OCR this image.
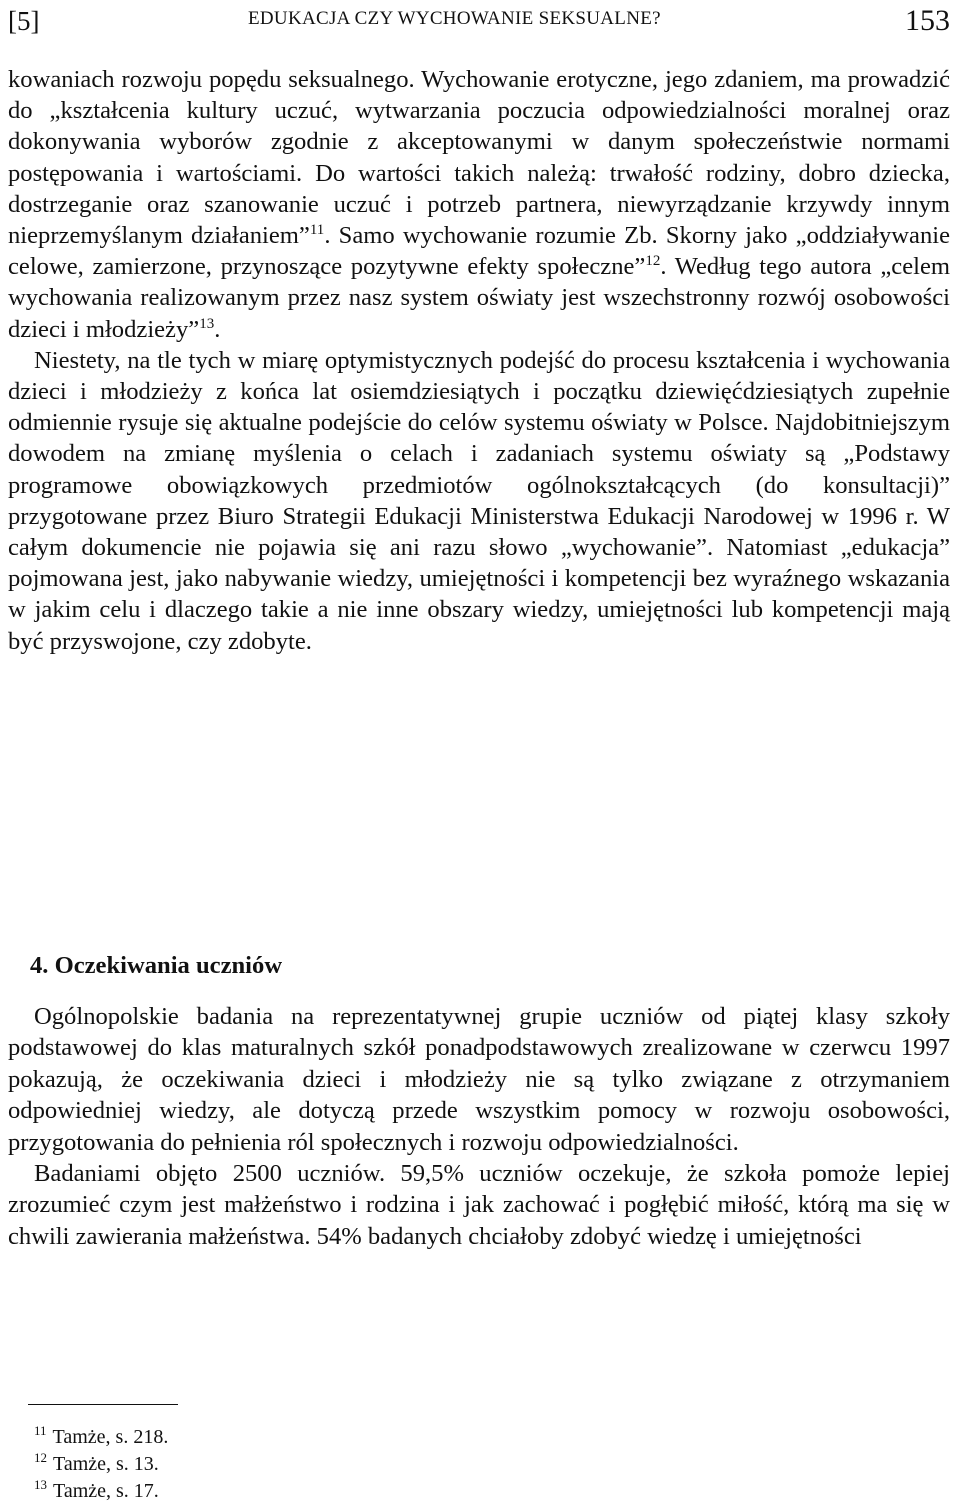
[5]	EDUKACJA CZY WYCHOWANIE SEKSUALNE?	153

kowaniach rozwoju popędu seksualnego. Wychowanie erotyczne, jego zdaniem, ma prowadzić do „kształcenia kultury uczuć, wytwarzania poczucia odpowiedzialności moralnej oraz dokonywania wyborów zgodnie z akceptowanymi w danym społeczeństwie normami postępowania i wartościami. Do wartości takich należą: trwałość rodziny, dobro dziecka, dostrzeganie oraz szanowanie uczuć i potrzeb partnera, niewyrządzanie krzywdy innym nieprzemyślanym działaniem”$^{11}$. Samo wychowanie rozumie Zb. Skorny jako „oddziaływanie celowe, zamierzone, przynoszące pozytywne efekty społeczne”$^{12}$. Według tego autora „celem wychowania realizowanym przez nasz system oświaty jest wszechstronny rozwój osobowości dzieci i młodzieży”$^{13}$.

Niestety, na tle tych w miarę optymistycznych podejść do procesu kształcenia i wychowania dzieci i młodzieży z końca lat osiemdziesiątych i początku dziewięćdziesiątych zupełnie odmiennie rysuje się aktualne podejście do celów systemu oświaty w Polsce. Najdobitniejszym dowodem na zmianę myślenia o celach i zadaniach systemu oświaty są „Podstawy programowe obowiązkowych przedmiotów ogólnokształcących (do konsultacji)” przygotowane przez Biuro Strategii Edukacji Ministerstwa Edukacji Narodowej w 1996 r. W całym dokumencie nie pojawia się ani razu słowo „wychowanie”. Natomiast „edukacja” pojmowana jest, jako nabywanie wiedzy, umiejętności i kompetencji bez wyraźnego wskazania w jakim celu i dlaczego takie a nie inne obszary wiedzy, umiejętności lub kompetencji mają być przyswojone, czy zdobyte.

4. Oczekiwania uczniów

Ogólnopolskie badania na reprezentatywnej grupie uczniów od piątej klasy szkoły podstawowej do klas maturalnych szkół ponadpodstawowych zrealizowane w czerwcu 1997 pokazują, że oczekiwania dzieci i młodzieży nie są tylko związane z otrzymaniem odpowiedniej wiedzy, ale dotyczą przede wszystkim pomocy w rozwoju osobowości, przygotowania do pełnienia ról społecznych i rozwoju odpowiedzialności.

Badaniami objęto 2500 uczniów. 59,5% uczniów oczekuje, że szkoła pomoże lepiej zrozumieć czym jest małżeństwo i rodzina i jak zachować i pogłębić miłość, którą ma się w chwili zawierania małżeństwa. 54% badanych chciałoby zdobyć wiedzę i umiejętności

$^{11}$ Tamże, s. 218.
$^{12}$ Tamże, s. 13.
$^{13}$ Tamże, s. 17.
